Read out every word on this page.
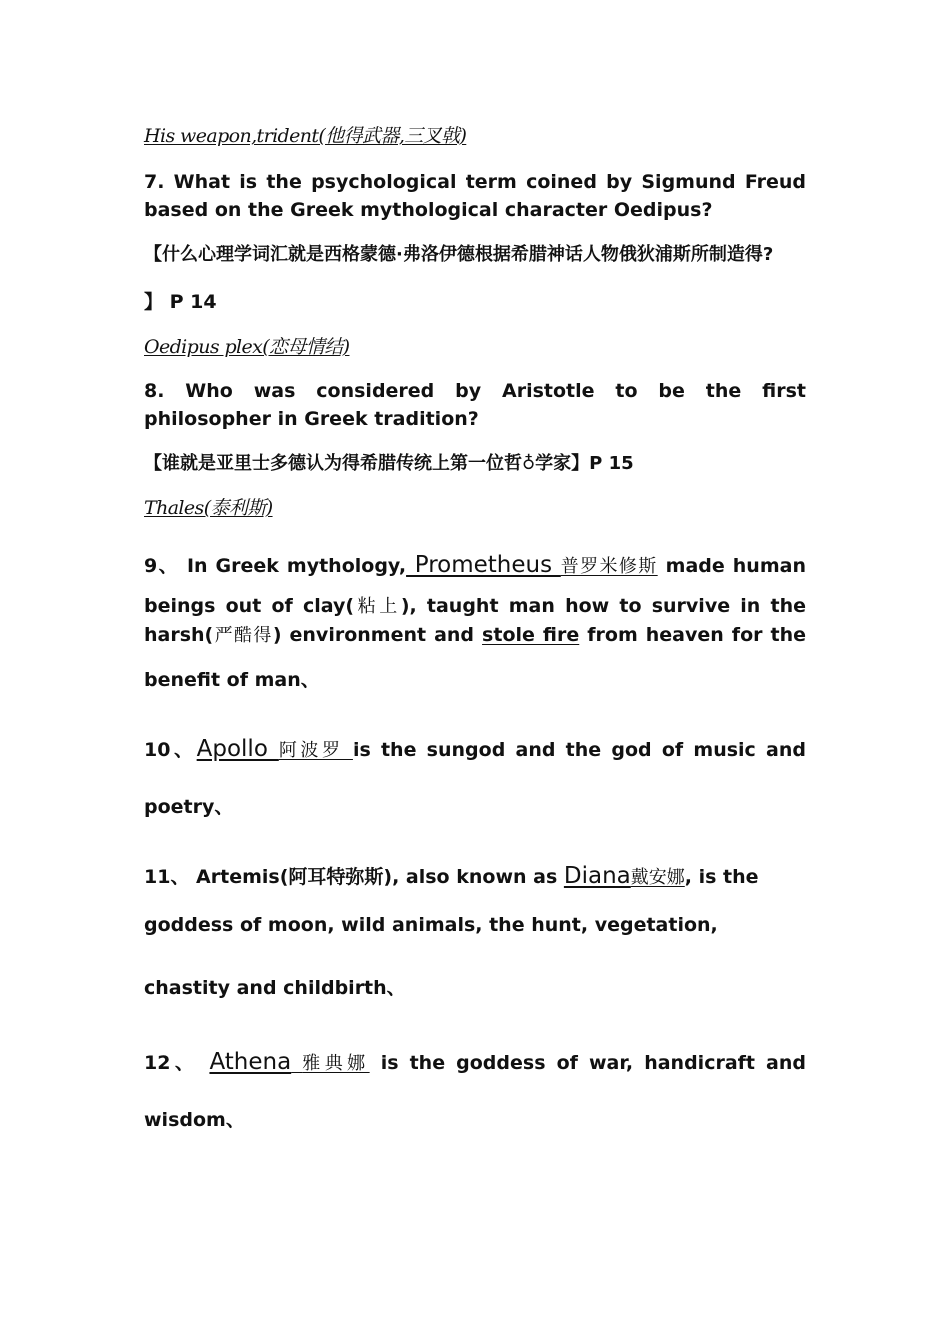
His weapon,trident(他得武器,三叉戟)
7. What is the psychological term coined by Sigmund Freud
based on the Greek mythological character Oedipus?
【什么心理学词汇就是西格蒙德·弗洛伊德根据希腊神话人物俄狄浦斯所制造得?
】 P 14
Oedipus plex(恋母情结)
8. Who was considered by Aristotle to be the first
philosopher in Greek tradition?
【谁就是亚里士多德认为得希腊传统上第一位哲♁学家】P 15
Thales(泰利斯)
9、 In Greek mythology, Prometheus 普罗米修斯 made human
beings out of clay(粘上), taught man how to survive in the
harsh(严酷得) environment and stole fire from heaven for the
benefit of man、
10、Apollo 阿波罗 is the sungod and the god of music and
poetry、
11、 Artemis(阿耳特弥斯), also known as Diana戴安娜, is the
goddess of moon, wild animals, the hunt, vegetation,
chastity and childbirth、
12、 Athena 雅典娜 is the goddess of war, handicraft and
wisdom、
